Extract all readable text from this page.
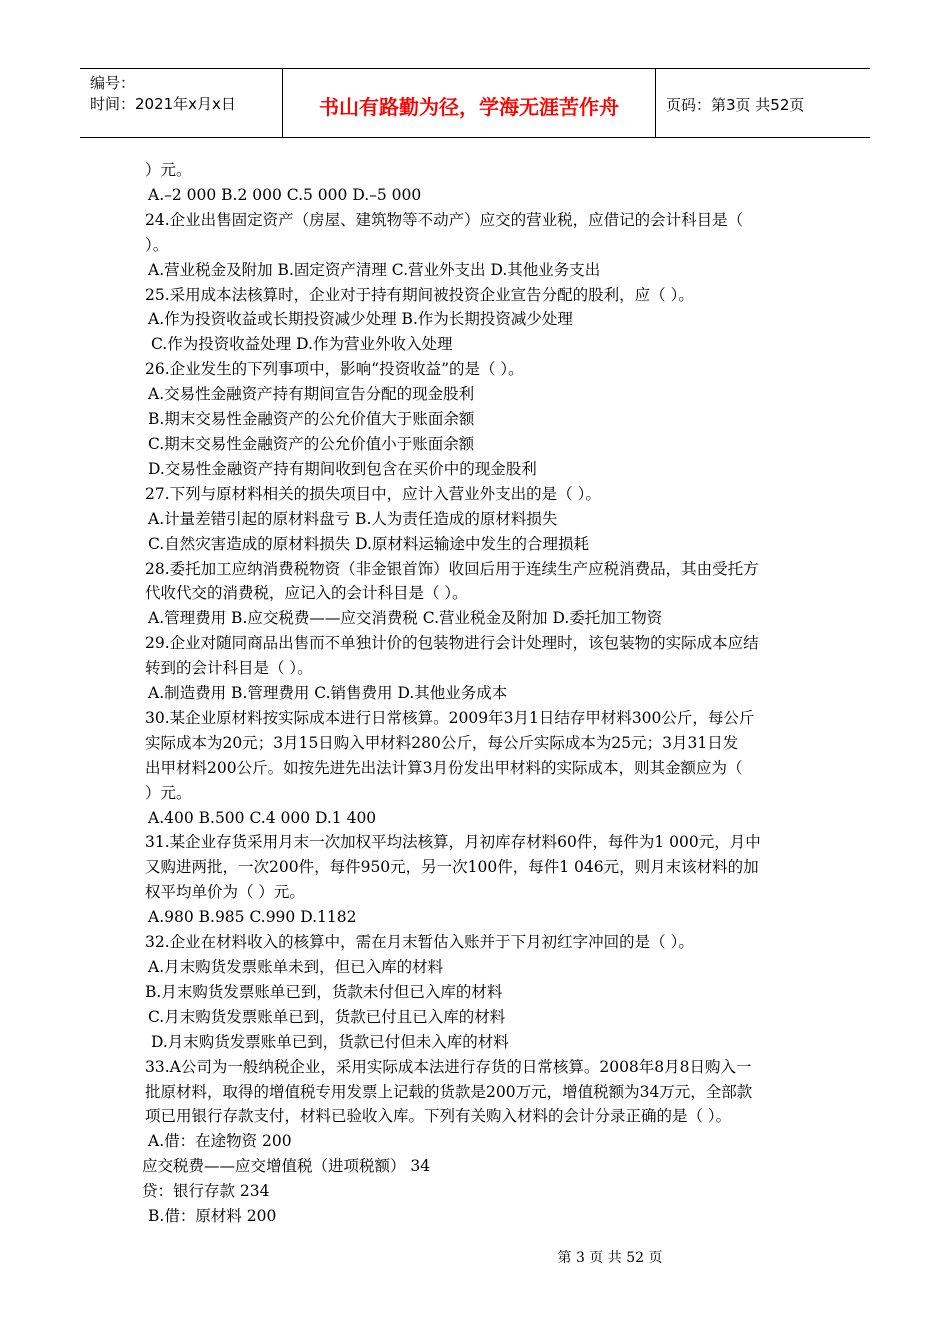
编号：
时间：2021年x月x日	书山有路勤为径，学海无涯苦作舟	页码：第3页 共52页
）元。
A.–2 000 B.2 000 C.5 000 D.–5 000
24.企业出售固定资产（房屋、建筑物等不动产）应交的营业税，应借记的会计科目是（
）。
A.营业税金及附加 B.固定资产清理 C.营业外支出 D.其他业务支出
25.采用成本法核算时，企业对于持有期间被投资企业宣告分配的股利，应（ ）。
A.作为投资收益或长期投资减少处理 B.作为长期投资减少处理
C.作为投资收益处理 D.作为营业外收入处理
26.企业发生的下列事项中，影响“投资收益”的是（ ）。
A.交易性金融资产持有期间宣告分配的现金股利
B.期末交易性金融资产的公允价值大于账面余额
C.期末交易性金融资产的公允价值小于账面余额
D.交易性金融资产持有期间收到包含在买价中的现金股利
27.下列与原材料相关的损失项目中，应计入营业外支出的是（ ）。
A.计量差错引起的原材料盘亏 B.人为责任造成的原材料损失
C.自然灾害造成的原材料损失 D.原材料运输途中发生的合理损耗
28.委托加工应纳消费税物资（非金银首饰）收回后用于连续生产应税消费品，其由受托方
代收代交的消费税，应记入的会计科目是（ ）。
A.管理费用 B.应交税费——应交消费税 C.营业税金及附加 D.委托加工物资
29.企业对随同商品出售而不单独计价的包装物进行会计处理时，该包装物的实际成本应结
转到的会计科目是（ ）。
A.制造费用 B.管理费用 C.销售费用 D.其他业务成本
30.某企业原材料按实际成本进行日常核算。2009年3月1日结存甲材料300公斤，每公斤
实际成本为20元；3月15日购入甲材料280公斤，每公斤实际成本为25元；3月31日发
出甲材料200公斤。如按先进先出法计算3月份发出甲材料的实际成本，则其金额应为（
）元。
A.400 B.500 C.4 000 D.1 400
31.某企业存货采用月末一次加权平均法核算，月初库存材料60件，每件为1 000元，月中
又购进两批，一次200件，每件950元，另一次100件，每件1 046元，则月末该材料的加
权平均单价为（ ）元。
A.980 B.985 C.990 D.1182
32.企业在材料收入的核算中，需在月末暂估入账并于下月初红字冲回的是（ ）。
A.月末购货发票账单未到，但已入库的材料
B.月末购货发票账单已到，货款未付但已入库的材料
C.月末购货发票账单已到，货款已付且已入库的材料
D.月末购货发票账单已到，货款已付但未入库的材料
33.A公司为一般纳税企业，采用实际成本法进行存货的日常核算。2008年8月8日购入一
批原材料，取得的增值税专用发票上记载的货款是200万元，增值税额为34万元，全部款
项已用银行存款支付，材料已验收入库。下列有关购入材料的会计分录正确的是（ ）。
A.借：在途物资 200
应交税费——应交增值税（进项税额） 34
贷：银行存款 234
B.借：原材料 200
第 3 页 共 52 页
